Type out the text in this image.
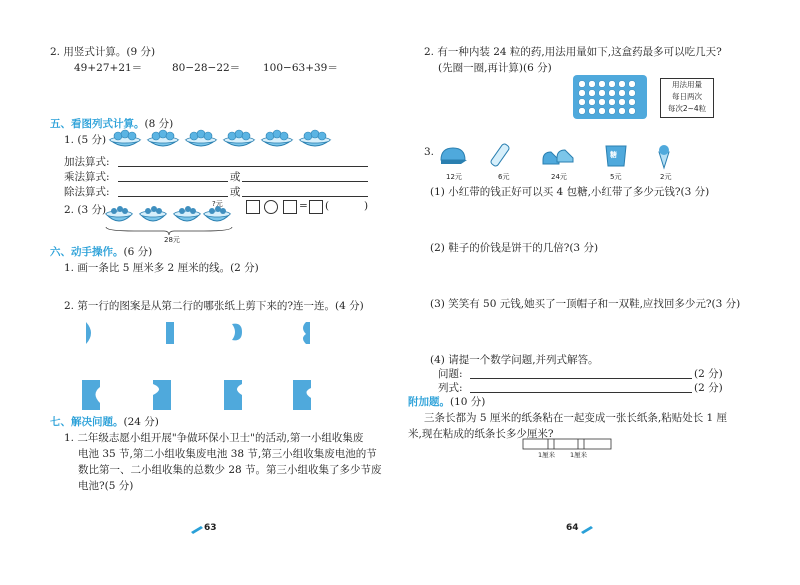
2. 用竖式计算。(9 分)
49+27+21＝	80−28−22＝ 100−63+39＝
五、看图列式计算。(8 分)
1. (5 分)
加法算式:
乘法算式:	或
除法算式:	或
2. (3 分)	?元
28元
= (	)
六、动手操作。(6 分)
1. 画一条比 5 厘米多 2 厘米的线。(2 分)
2. 第一行的图案是从第二行的哪张纸上剪下来的?连一连。(4 分)
七、解决问题。(24 分)
1. 二年级志愿小组开展"争做环保小卫士"的活动,第一小组收集废
电池 35 节,第二小组收集废电池 38 节,第三小组收集废电池的节
数比第一、二小组收集的总数少 28 节。第三小组收集了多少节废
电池?(5 分)
63
2. 有一种内装 24 粒的药,用法用量如下,这盒药最多可以吃几天?
(先圈一圈,再计算)(6 分)
用法用量
每日两次
每次2~4粒
3.	糖
12元	6元	24元	5元	2元
(1) 小红带的钱正好可以买 4 包糖,小红带了多少元钱?(3 分)
(2) 鞋子的价钱是饼干的几倍?(3 分)
(3) 笑笑有 50 元钱,她买了一顶帽子和一双鞋,应找回多少元?(3 分)
(4) 请提一个数学问题,并列式解答。
问题:	(2 分)
列式:	(2 分)
附加题。(10 分)
三条长都为 5 厘米的纸条粘在一起变成一张长纸条,粘贴处长 1 厘
米,现在粘成的纸条长多少厘米?
1厘米 1厘米
64
